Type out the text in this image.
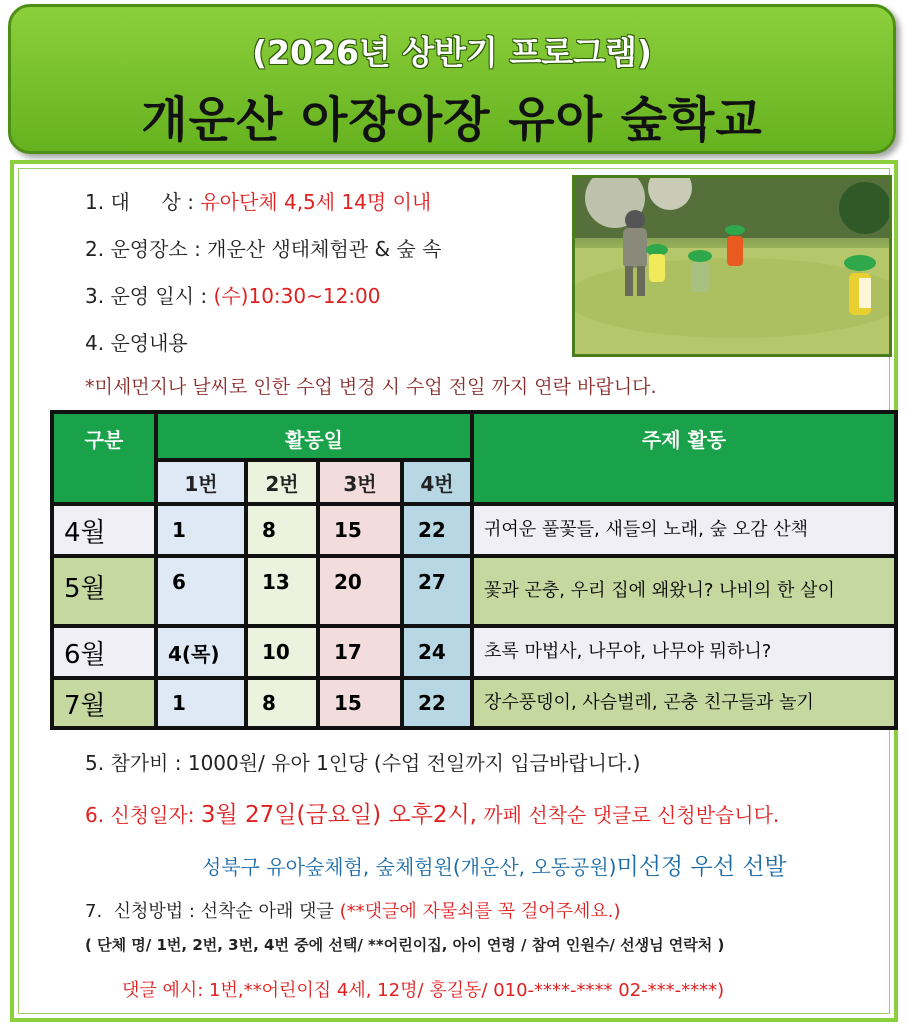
(2026년 상반기 프로그램)
개운산 아장아장 유아 숲학교
1. 대     상 : 유아단체 4,5세 14명 이내
2. 운영장소 : 개운산 생태체험관 & 숲 속
3. 운영 일시 : (수)10:30~12:00
4. 운영내용
*미세먼지나 날씨로 인한 수업 변경 시 수업 전일 까지 연락 바랍니다.
구분	활동일				주제 활동
	1번	2번	3번	4번	
4월	1	8	15	22	귀여운 풀꽃들, 새들의 노래, 숲 오감 산책
5월	6	13	20	27	꽃과 곤충, 우리 집에 왜왔니? 나비의 한 살이
6월	4(목)	10	17	24	초록 마법사, 나무야, 나무야 뭐하니?
7월	1	8	15	22	장수풍뎅이, 사슴벌레, 곤충 친구들과 놀기
5. 참가비 : 1000원/ 유아 1인당 (수업 전일까지 입금바랍니다.)
6. 신청일자: 3월 27일(금요일) 오후2시, 까페 선착순 댓글로 신청받습니다.
성북구 유아숲체험, 숲체험원(개운산, 오동공원)미선정 우선 선발
7.  신청방법 : 선착순 아래 댓글 (**댓글에 자물쇠를 꼭 걸어주세요.)
( 단체 명/ 1번, 2번, 3번, 4번 중에 선택/ **어린이집, 아이 연령 / 참여 인원수/ 선생님 연락처 )
댓글 예시: 1번,**어린이집 4세, 12명/ 홍길동/ 010-****-**** 02-***-****)
